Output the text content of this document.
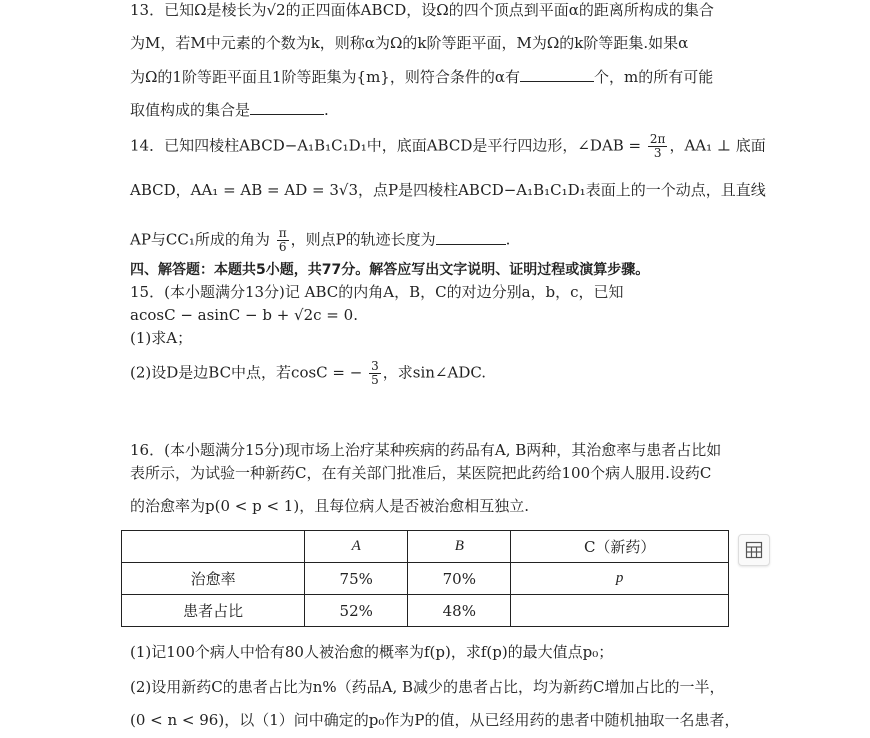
13．已知Ω是棱长为√2的正四面体ABCD，设Ω的四个顶点到平面α的距离所构成的集合
为M，若M中元素的个数为k，则称α为Ω的k阶等距平面，M为Ω的k阶等距集.如果α
为Ω的1阶等距平面且1阶等距集为{m}，则符合条件的α有	个，m的所有可能
取值构成的集合是	.
14．已知四棱柱ABCD−A₁B₁C₁D₁中，底面ABCD是平行四边形，∠DAB = $\frac{2\pi}{3}$ ，AA₁ ⊥ 底面
ABCD，AA₁ = AB = AD = 3√3，点P是四棱柱ABCD−A₁B₁C₁D₁表面上的一个动点，且直线
AP与CC₁所成的角为 $\frac{\pi}{6}$ ，则点P的轨迹长度为	.
四、解答题：本题共5小题，共77分。解答应写出文字说明、证明过程或演算步骤。
15．(本小题满分13分)记 ABC的内角A，B，C的对边分别a，b，c，已知
acosC − asinC − b + √2c = 0.
(1)求A；
(2)设D是边BC中点，若cosC = − $\frac{3}{5}$ ，求sin∠ADC.
16．(本小题满分15分)现市场上治疗某种疾病的药品有A, B两种，其治愈率与患者占比如
表所示，为试验一种新药C，在有关部门批准后，某医院把此药给100个病人服用.设药C
的治愈率为p(0 < p < 1)，且每位病人是否被治愈相互独立.
	A	B	C（新药）
治愈率	75%	70%	p
患者占比	52%	48%	
(1)记100个病人中恰有80人被治愈的概率为f(p)，求f(p)的最大值点p₀；
(2)设用新药C的患者占比为n%（药品A, B减少的患者占比，均为新药C增加占比的一半，
(0 < n < 96)，以（1）问中确定的p₀作为P的值，从已经用药的患者中随机抽取一名患者，
